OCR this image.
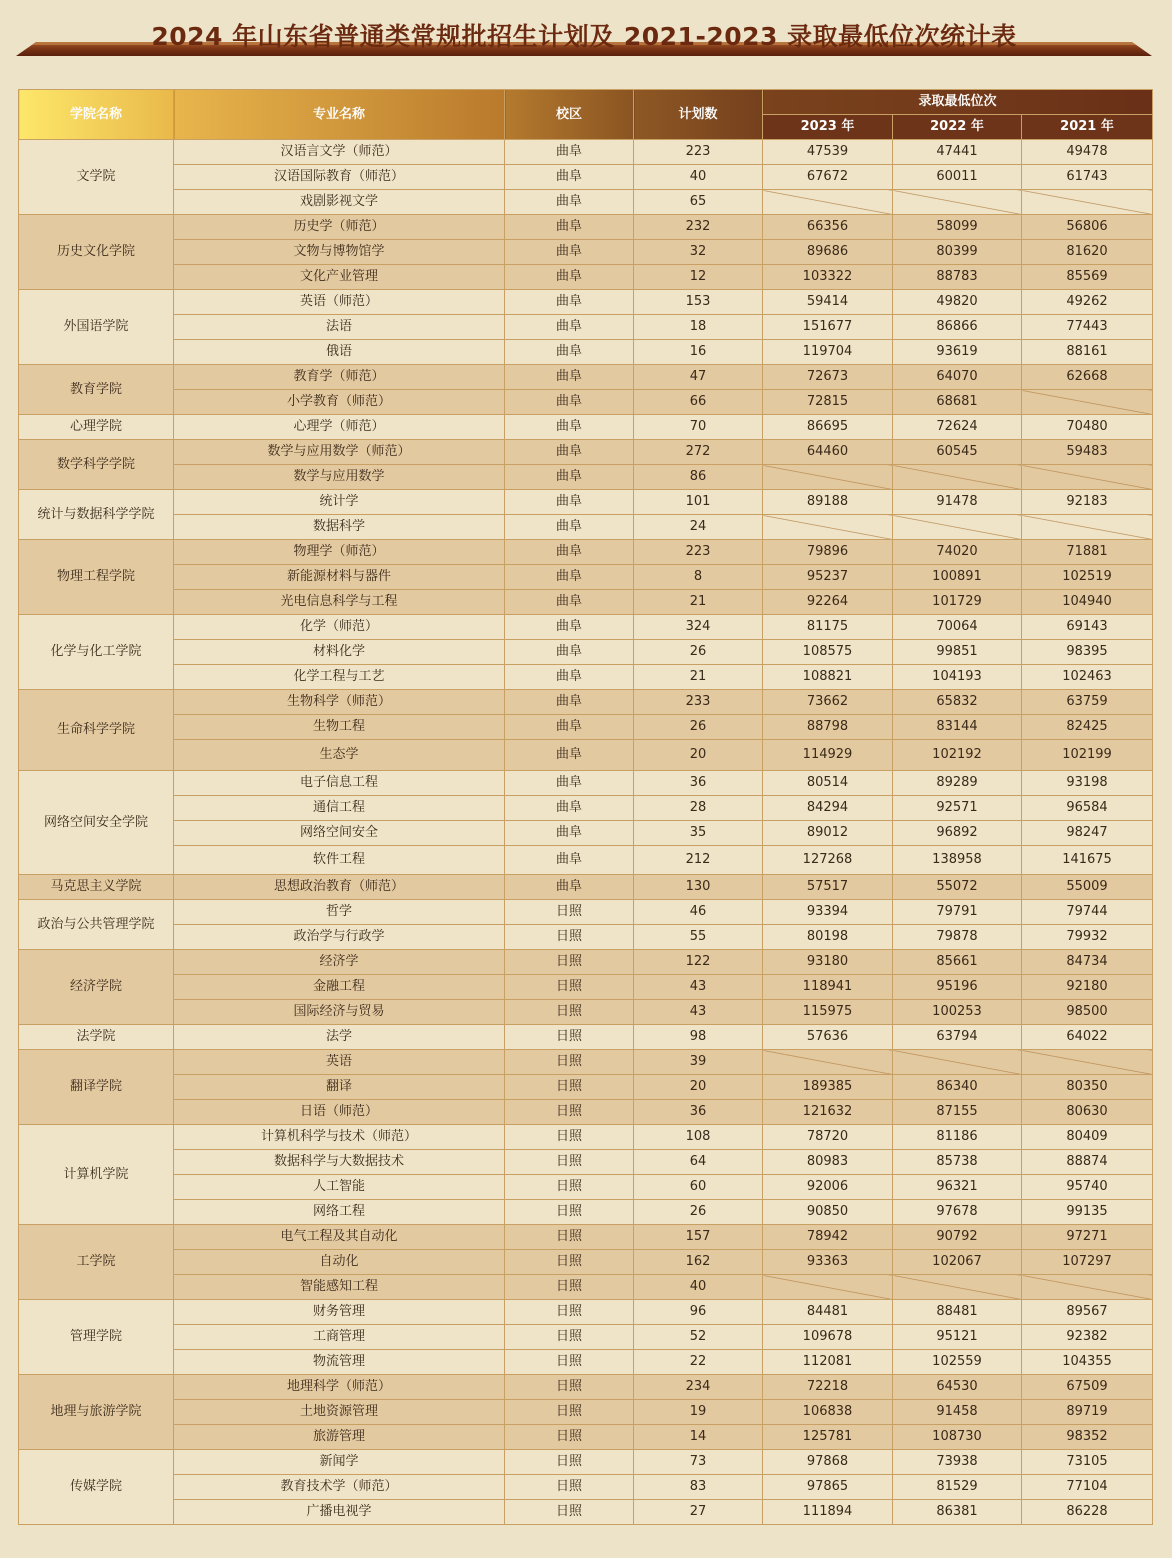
2024 年山东省普通类常规批招生计划及 2021-2023 录取最低位次统计表
学院名称	专业名称	校区	计划数	录取最低位次		
				2023 年	2022 年	2021 年
文学院	汉语言文学（师范）	曲阜	223	47539	47441	49478
	汉语国际教育（师范）	曲阜	40	67672	60011	61743
	戏剧影视文学	曲阜	65			
历史文化学院	历史学（师范）	曲阜	232	66356	58099	56806
	文物与博物馆学	曲阜	32	89686	80399	81620
	文化产业管理	曲阜	12	103322	88783	85569
外国语学院	英语（师范）	曲阜	153	59414	49820	49262
	法语	曲阜	18	151677	86866	77443
	俄语	曲阜	16	119704	93619	88161
教育学院	教育学（师范）	曲阜	47	72673	64070	62668
	小学教育（师范）	曲阜	66	72815	68681	
心理学院	心理学（师范）	曲阜	70	86695	72624	70480
数学科学学院	数学与应用数学（师范）	曲阜	272	64460	60545	59483
	数学与应用数学	曲阜	86			
统计与数据科学学院	统计学	曲阜	101	89188	91478	92183
	数据科学	曲阜	24			
物理工程学院	物理学（师范）	曲阜	223	79896	74020	71881
	新能源材料与器件	曲阜	8	95237	100891	102519
	光电信息科学与工程	曲阜	21	92264	101729	104940
化学与化工学院	化学（师范）	曲阜	324	81175	70064	69143
	材料化学	曲阜	26	108575	99851	98395
	化学工程与工艺	曲阜	21	108821	104193	102463
生命科学学院	生物科学（师范）	曲阜	233	73662	65832	63759
	生物工程	曲阜	26	88798	83144	82425
	生态学	曲阜	20	114929	102192	102199
网络空间安全学院	电子信息工程	曲阜	36	80514	89289	93198
	通信工程	曲阜	28	84294	92571	96584
	网络空间安全	曲阜	35	89012	96892	98247
	软件工程	曲阜	212	127268	138958	141675
马克思主义学院	思想政治教育（师范）	曲阜	130	57517	55072	55009
政治与公共管理学院	哲学	日照	46	93394	79791	79744
	政治学与行政学	日照	55	80198	79878	79932
经济学院	经济学	日照	122	93180	85661	84734
	金融工程	日照	43	118941	95196	92180
	国际经济与贸易	日照	43	115975	100253	98500
法学院	法学	日照	98	57636	63794	64022
翻译学院	英语	日照	39			
	翻译	日照	20	189385	86340	80350
	日语（师范）	日照	36	121632	87155	80630
计算机学院	计算机科学与技术（师范）	日照	108	78720	81186	80409
	数据科学与大数据技术	日照	64	80983	85738	88874
	人工智能	日照	60	92006	96321	95740
	网络工程	日照	26	90850	97678	99135
工学院	电气工程及其自动化	日照	157	78942	90792	97271
	自动化	日照	162	93363	102067	107297
	智能感知工程	日照	40			
管理学院	财务管理	日照	96	84481	88481	89567
	工商管理	日照	52	109678	95121	92382
	物流管理	日照	22	112081	102559	104355
地理与旅游学院	地理科学（师范）	日照	234	72218	64530	67509
	土地资源管理	日照	19	106838	91458	89719
	旅游管理	日照	14	125781	108730	98352
传媒学院	新闻学	日照	73	97868	73938	73105
	教育技术学（师范）	日照	83	97865	81529	77104
	广播电视学	日照	27	111894	86381	86228
